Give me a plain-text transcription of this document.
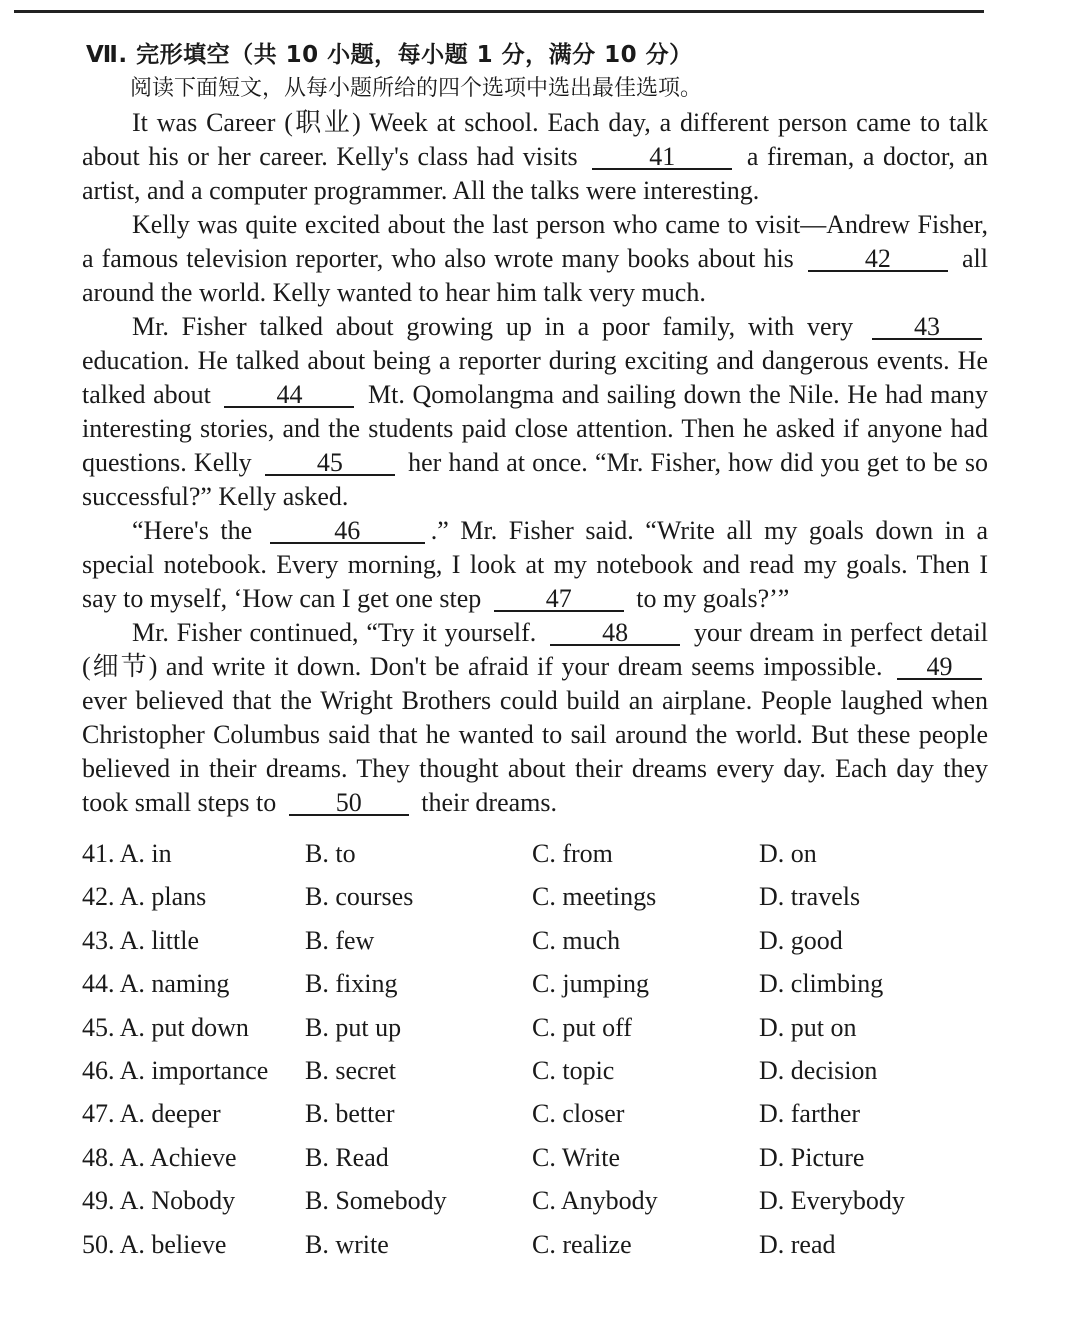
Ⅶ. 完形填空（共 10 小题，每小题 1 分，满分 10 分）
阅读下面短文，从每小题所给的四个选项中选出最佳选项。

It was Career (职业) Week at school. Each day, a different person came to talk about his or her career. Kelly's class had visits 41 a fireman, a doctor, an artist, and a computer programmer. All the talks were interesting.

Kelly was quite excited about the last person who came to visit—Andrew Fisher, a famous television reporter, who also wrote many books about his 42 all around the world. Kelly wanted to hear him talk very much.

Mr. Fisher talked about growing up in a poor family, with very 43 education. He talked about being a reporter during exciting and dangerous events. He talked about 44 Mt. Qomolangma and sailing down the Nile. He had many interesting stories, and the students paid close attention. Then he asked if anyone had questions. Kelly 45 her hand at once. “Mr. Fisher, how did you get to be so successful?” Kelly asked.

“Here's the	46	.” Mr. Fisher said. “Write all my goals down in a special notebook. Every morning, I look at my notebook and read my goals. Then I say to myself, ‘How can I get one step 47 to my goals?’”

Mr. Fisher continued, “Try it yourself. 48 your dream in perfect detail (细节) and write it down. Don't be afraid if your dream seems impossible. 49 ever believed that the Wright Brothers could build an airplane. People laughed when Christopher Columbus said that he wanted to sail around the world. But these people believed in their dreams. They thought about their dreams every day. Each day they took small steps to 50 their dreams.

41. A. in	B. to	C. from	D. on
42. A. plans	B. courses	C. meetings	D. travels
43. A. little	B. few	C. much	D. good
44. A. naming	B. fixing	C. jumping	D. climbing
45. A. put down B. put up	C. put off	D. put on
46. A. importance B. secret	C. topic	D. decision
47. A. deeper	B. better	C. closer	D. farther
48. A. Achieve	B. Read	C. Write	D. Picture
49. A. Nobody	B. Somebody	C. Anybody	D. Everybody
50. A. believe	B. write	C. realize	D. read
